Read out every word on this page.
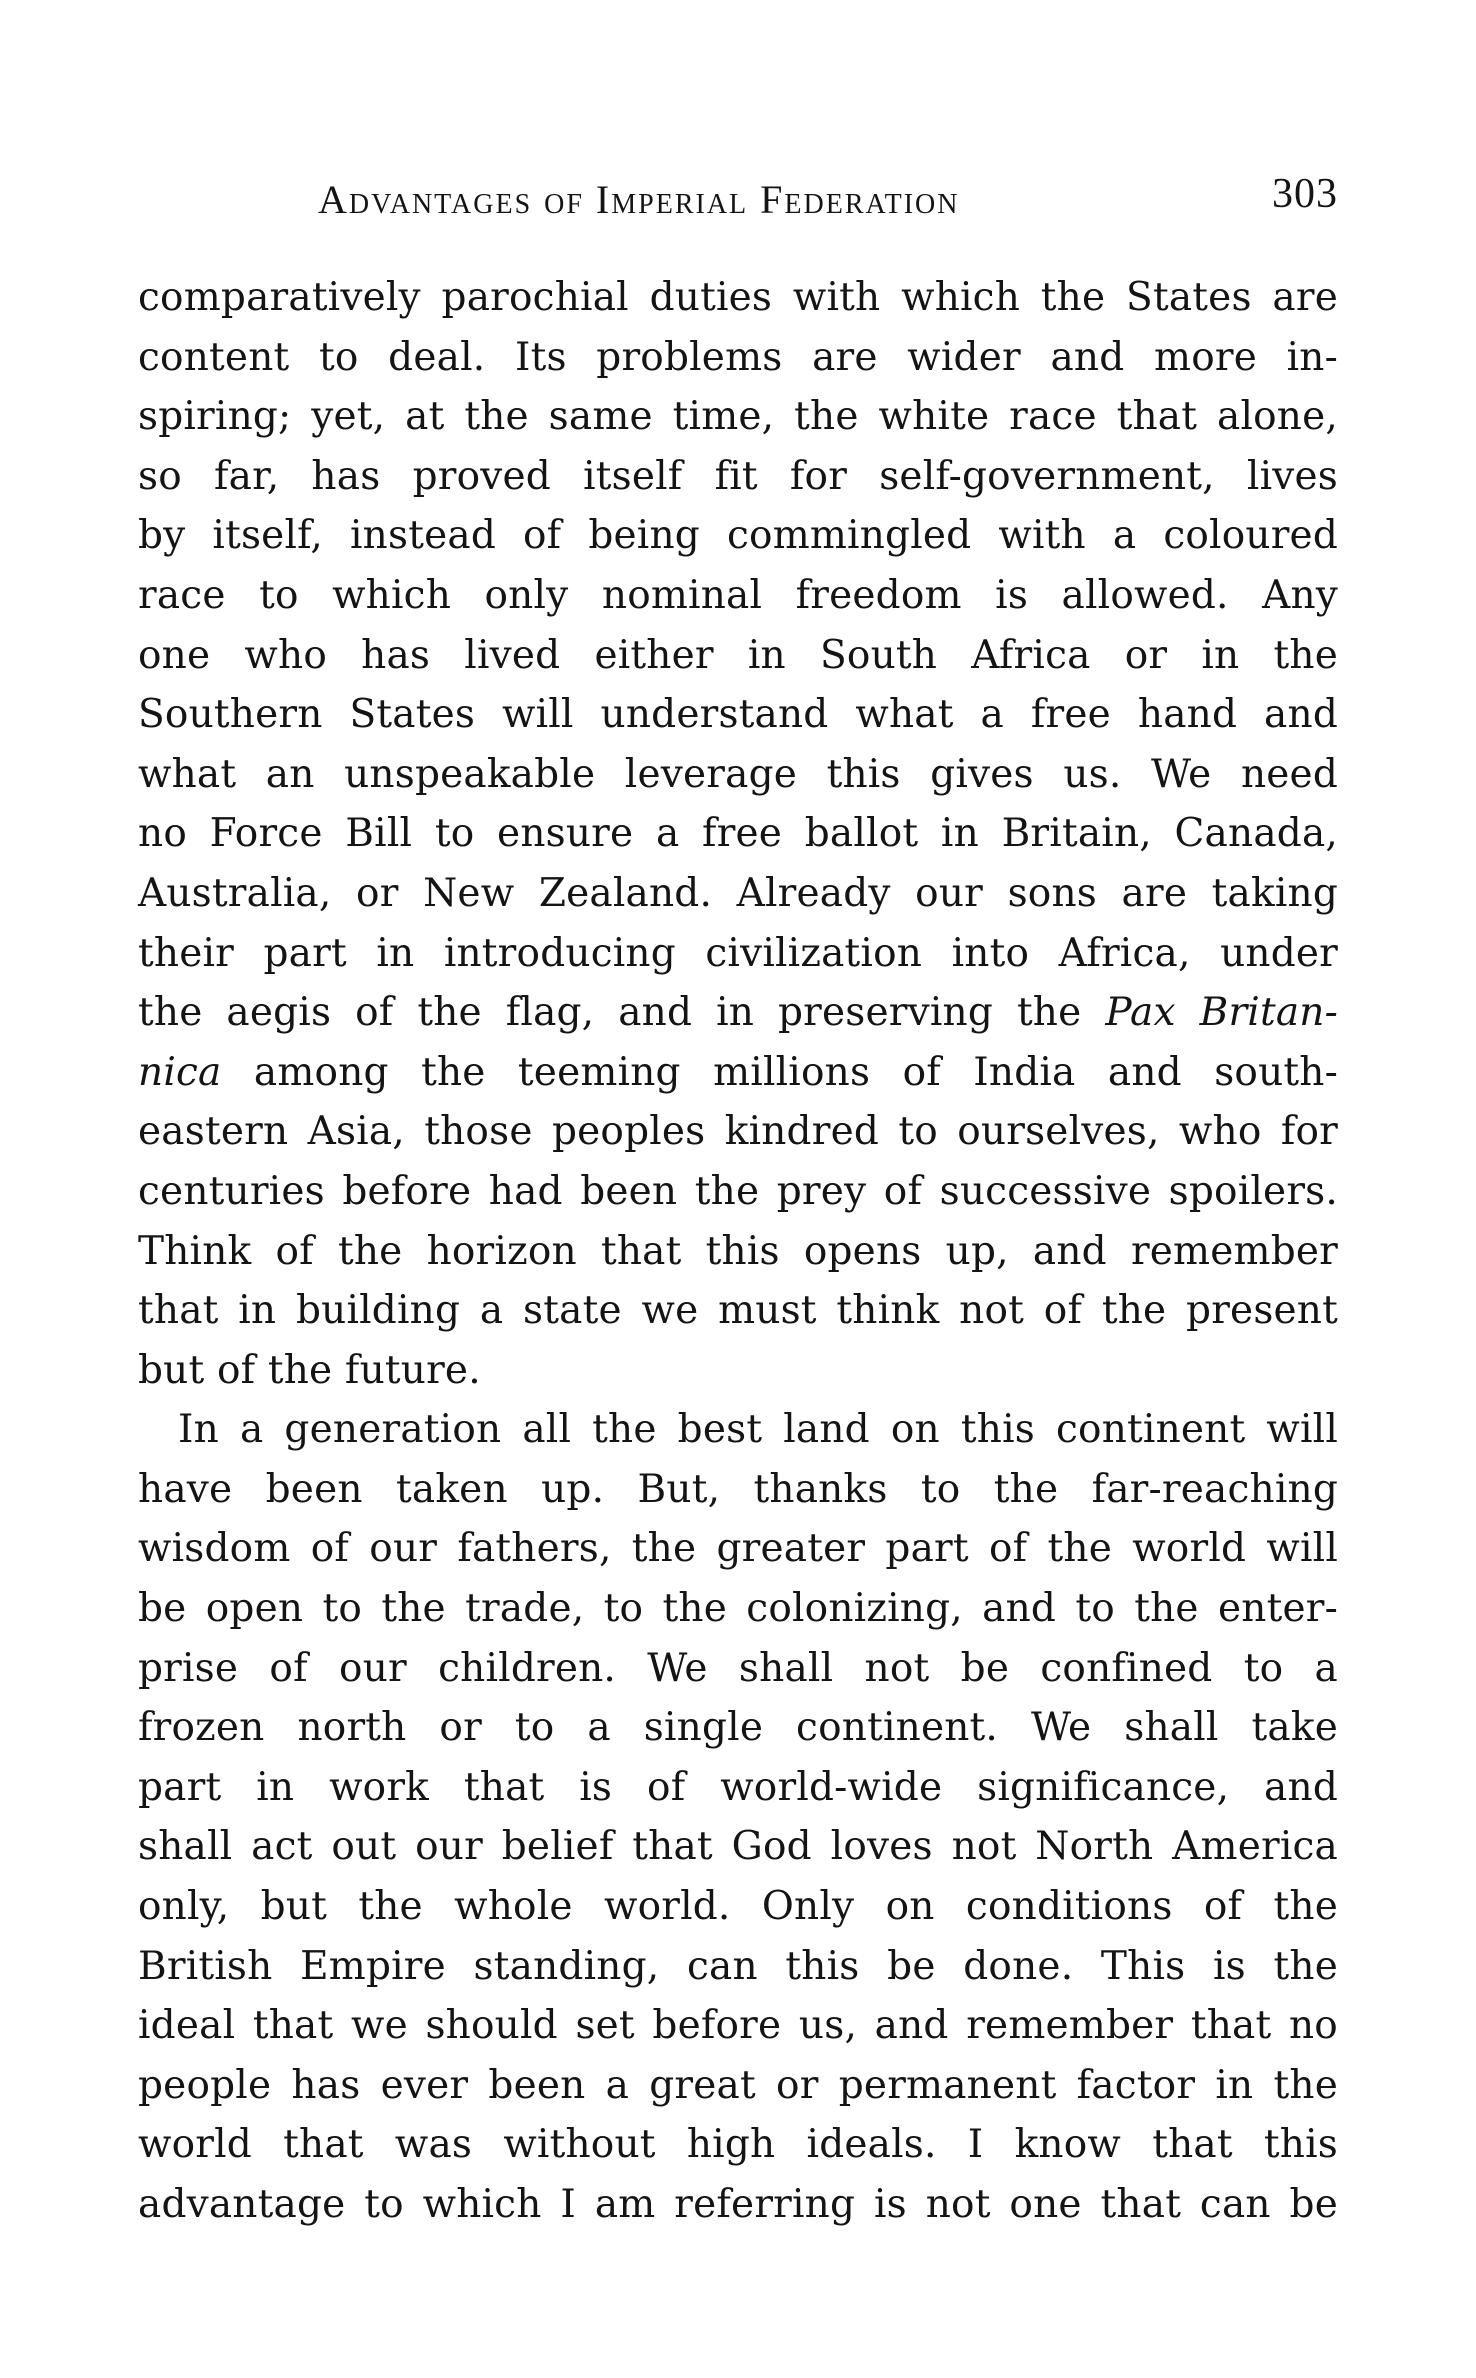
Advantages of Imperial Federation	303
comparatively parochial duties with which the States are
content to deal. Its problems are wider and more in-
spiring; yet, at the same time, the white race that alone,
so far, has proved itself fit for self-government, lives
by itself, instead of being commingled with a coloured
race to which only nominal freedom is allowed. Any
one who has lived either in South Africa or in the
Southern States will understand what a free hand and
what an unspeakable leverage this gives us. We need
no Force Bill to ensure a free ballot in Britain, Canada,
Australia, or New Zealand. Already our sons are taking
their part in introducing civilization into Africa, under
the aegis of the flag, and in preserving the Pax Britan-
nica among the teeming millions of India and south-
eastern Asia, those peoples kindred to ourselves, who for
centuries before had been the prey of successive spoilers.
Think of the horizon that this opens up, and remember
that in building a state we must think not of the present
but of the future.
In a generation all the best land on this continent will
have been taken up. But, thanks to the far-reaching
wisdom of our fathers, the greater part of the world will
be open to the trade, to the colonizing, and to the enter-
prise of our children. We shall not be confined to a
frozen north or to a single continent. We shall take
part in work that is of world-wide significance, and
shall act out our belief that God loves not North America
only, but the whole world. Only on conditions of the
British Empire standing, can this be done. This is the
ideal that we should set before us, and remember that no
people has ever been a great or permanent factor in the
world that was without high ideals. I know that this
advantage to which I am referring is not one that can be
